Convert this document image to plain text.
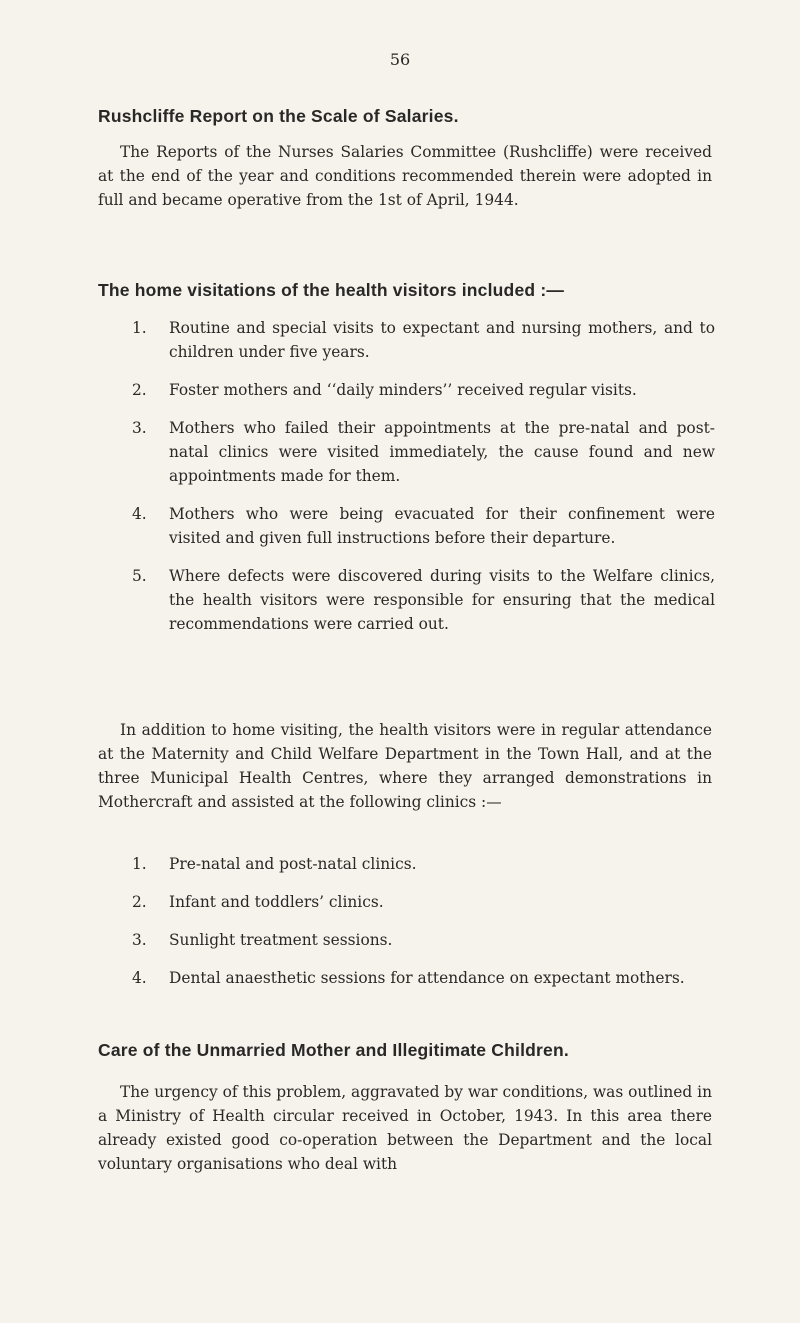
56
Rushcliffe Report on the Scale of Salaries.
The Reports of the Nurses Salaries Committee (Rushcliffe) were received at the end of the year and conditions recommended therein were adopted in full and became operative from the 1st of April, 1944.
The home visitations of the health visitors included :—
1. Routine and special visits to expectant and nursing mothers, and to children under five years.
2. Foster mothers and ‘‘daily minders’’ received regular visits.
3. Mothers who failed their appointments at the pre-natal and post-natal clinics were visited immediately, the cause found and new appointments made for them.
4. Mothers who were being evacuated for their confinement were visited and given full instructions before their departure.
5. Where defects were discovered during visits to the Welfare clinics, the health visitors were responsible for ensuring that the medical recommendations were carried out.
In addition to home visiting, the health visitors were in regular attendance at the Maternity and Child Welfare Department in the Town Hall, and at the three Municipal Health Centres, where they arranged demonstrations in Mothercraft and assisted at the following clinics :—
1. Pre-natal and post-natal clinics.
2. Infant and toddlers’ clinics.
3. Sunlight treatment sessions.
4. Dental anaesthetic sessions for attendance on expectant mothers.
Care of the Unmarried Mother and Illegitimate Children.
The urgency of this problem, aggravated by war conditions, was outlined in a Ministry of Health circular received in October, 1943. In this area there already existed good co-operation between the Department and the local voluntary organisations who deal with
